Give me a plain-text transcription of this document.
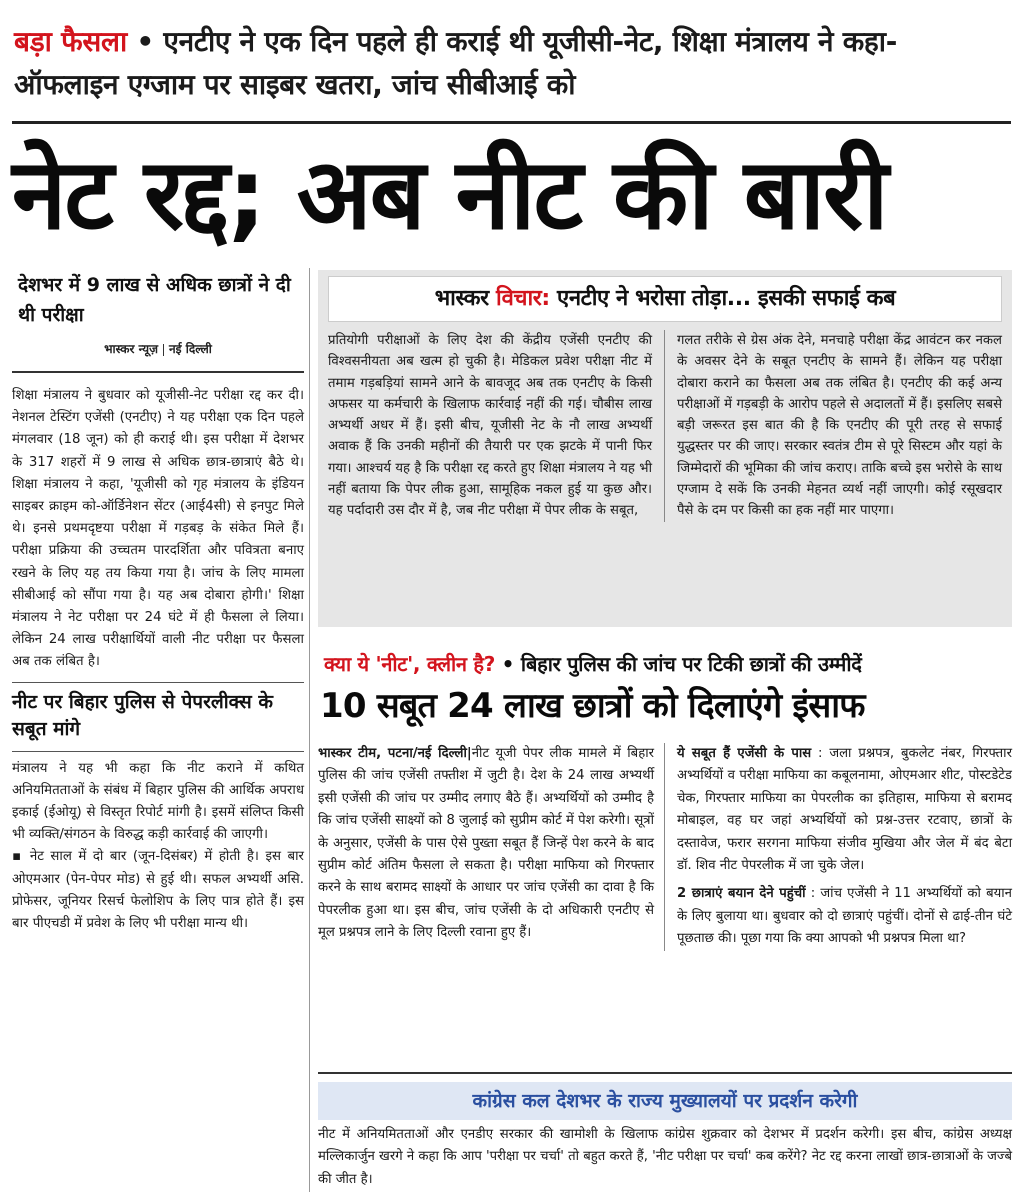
बड़ा फैसला • एनटीए ने एक दिन पहले ही कराई थी यूजीसी-नेट, शिक्षा मंत्रालय ने कहा- ऑफलाइन एग्जाम पर साइबर खतरा, जांच सीबीआई को
नेट रद्द; अब नीट की बारी
देशभर में 9 लाख से अधिक छात्रों ने दी थी परीक्षा
भास्कर न्यूज़ नई दिल्ली

शिक्षा मंत्रालय ने बुधवार को यूजीसी-नेट परीक्षा रद्द कर दी। नेशनल टेस्टिंग एजेंसी (एनटीए) ने यह परीक्षा एक दिन पहले मंगलवार (18 जून) को ही कराई थी। इस परीक्षा में देशभर के 317 शहरों में 9 लाख से अधिक छात्र-छात्राएं बैठे थे। शिक्षा मंत्रालय ने कहा, 'यूजीसी को गृह मंत्रालय के इंडियन साइबर क्राइम को-ऑर्डिनेशन सेंटर (आई4सी) से इनपुट मिले थे। इनसे प्रथमदृष्टया परीक्षा में गड़बड़ के संकेत मिले हैं। परीक्षा प्रक्रिया की उच्चतम पारदर्शिता और पवित्रता बनाए रखने के लिए यह तय किया गया है। जांच के लिए मामला सीबीआई को सौंपा गया है। यह अब दोबारा होगी।' शिक्षा मंत्रालय ने नेट परीक्षा पर 24 घंटे में ही फैसला ले लिया। लेकिन 24 लाख परीक्षार्थियों वाली नीट परीक्षा पर फैसला अब तक लंबित है।

नीट पर बिहार पुलिस से पेपरलीक्स के सबूत मांगे

मंत्रालय ने यह भी कहा कि नीट कराने में कथित अनियमितताओं के संबंध में बिहार पुलिस की आर्थिक अपराध इकाई (ईओयू) से विस्तृत रिपोर्ट मांगी है। इसमें संलिप्त किसी भी व्यक्ति/संगठन के विरुद्ध कड़ी कार्रवाई की जाएगी।

▪ नेट साल में दो बार (जून-दिसंबर) में होती है। इस बार ओएमआर (पेन-पेपर मोड) से हुई थी। सफल अभ्यर्थी असि. प्रोफेसर, जूनियर रिसर्च फेलोशिप के लिए पात्र होते हैं। इस बार पीएचडी में प्रवेश के लिए भी परीक्षा मान्य थी।

भास्कर विचार: एनटीए ने भरोसा तोड़ा... इसकी सफाई कब

प्रतियोगी परीक्षाओं के लिए देश की केंद्रीय एजेंसी एनटीए की विश्वसनीयता अब खत्म हो चुकी है। मेडिकल प्रवेश परीक्षा नीट में तमाम गड़बड़ियां सामने आने के बावजूद अब तक एनटीए के किसी अफसर या कर्मचारी के खिलाफ कार्रवाई नहीं की गई। चौबीस लाख अभ्यर्थी अधर में हैं। इसी बीच, यूजीसी नेट के नौ लाख अभ्यर्थी अवाक हैं कि उनकी महीनों की तैयारी पर एक झटके में पानी फिर गया। आश्चर्य यह है कि परीक्षा रद्द करते हुए शिक्षा मंत्रालय ने यह भी नहीं बताया कि पेपर लीक हुआ, सामूहिक नकल हुई या कुछ और। यह पर्दादारी उस दौर में है, जब नीट परीक्षा में पेपर लीक के सबूत,

गलत तरीके से ग्रेस अंक देने, मनचाहे परीक्षा केंद्र आवंटन कर नकल के अवसर देने के सबूत एनटीए के सामने हैं। लेकिन यह परीक्षा दोबारा कराने का फैसला अब तक लंबित है। एनटीए की कई अन्य परीक्षाओं में गड़बड़ी के आरोप पहले से अदालतों में हैं। इसलिए सबसे बड़ी जरूरत इस बात की है कि एनटीए की पूरी तरह से सफाई युद्धस्तर पर की जाए। सरकार स्वतंत्र टीम से पूरे सिस्टम और यहां के जिम्मेदारों की भूमिका की जांच कराए। ताकि बच्चे इस भरोसे के साथ एग्जाम दे सकें कि उनकी मेहनत व्यर्थ नहीं जाएगी। कोई रसूखदार पैसे के दम पर किसी का हक नहीं मार पाएगा।

क्या ये 'नीट', क्लीन है? • बिहार पुलिस की जांच पर टिकी छात्रों की उम्मीदें
10 सबूत 24 लाख छात्रों को दिलाएंगे इंसाफ

भास्कर टीम, पटना/नई दिल्ली|नीट यूजी पेपर लीक मामले में बिहार पुलिस की जांच एजेंसी तफ्तीश में जुटी है। देश के 24 लाख अभ्यर्थी इसी एजेंसी की जांच पर उम्मीद लगाए बैठे हैं। अभ्यर्थियों को उम्मीद है कि जांच एजेंसी साक्ष्यों को 8 जुलाई को सुप्रीम कोर्ट में पेश करेगी। सूत्रों के अनुसार, एजेंसी के पास ऐसे पुख्ता सबूत हैं जिन्हें पेश करने के बाद सुप्रीम कोर्ट अंतिम फैसला ले सकता है। परीक्षा माफिया को गिरफ्तार करने के साथ बरामद साक्ष्यों के आधार पर जांच एजेंसी का दावा है कि पेपरलीक हुआ था। इस बीच, जांच एजेंसी के दो अधिकारी एनटीए से मूल प्रश्नपत्र लाने के लिए दिल्ली रवाना हुए हैं।

ये सबूत हैं एजेंसी के पास : जला प्रश्नपत्र, बुकलेट नंबर, गिरफ्तार अभ्यर्थियों व परीक्षा माफिया का कबूलनामा, ओएमआर शीट, पोस्टडेटेड चेक, गिरफ्तार माफिया का पेपरलीक का इतिहास, माफिया से बरामद मोबाइल, वह घर जहां अभ्यर्थियों को प्रश्न-उत्तर रटवाए, छात्रों के दस्तावेज, फरार सरगना माफिया संजीव मुखिया और जेल में बंद बेटा डॉ. शिव नीट पेपरलीक में जा चुके जेल।

2 छात्राएं बयान देने पहुंचीं : जांच एजेंसी ने 11 अभ्यर्थियों को बयान के लिए बुलाया था। बुधवार को दो छात्राएं पहुंचीं। दोनों से ढाई-तीन घंटे पूछताछ की। पूछा गया कि क्या आपको भी प्रश्नपत्र मिला था?

कांग्रेस कल देशभर के राज्य मुख्यालयों पर प्रदर्शन करेगी

नीट में अनियमितताओं और एनडीए सरकार की खामोशी के खिलाफ कांग्रेस शुक्रवार को देशभर में प्रदर्शन करेगी। इस बीच, कांग्रेस अध्यक्ष मल्लिकार्जुन खरगे ने कहा कि आप 'परीक्षा पर चर्चा' तो बहुत करते हैं, 'नीट परीक्षा पर चर्चा' कब करेंगे? नेट रद्द करना लाखों छात्र-छात्राओं के जज्बे की जीत है।
